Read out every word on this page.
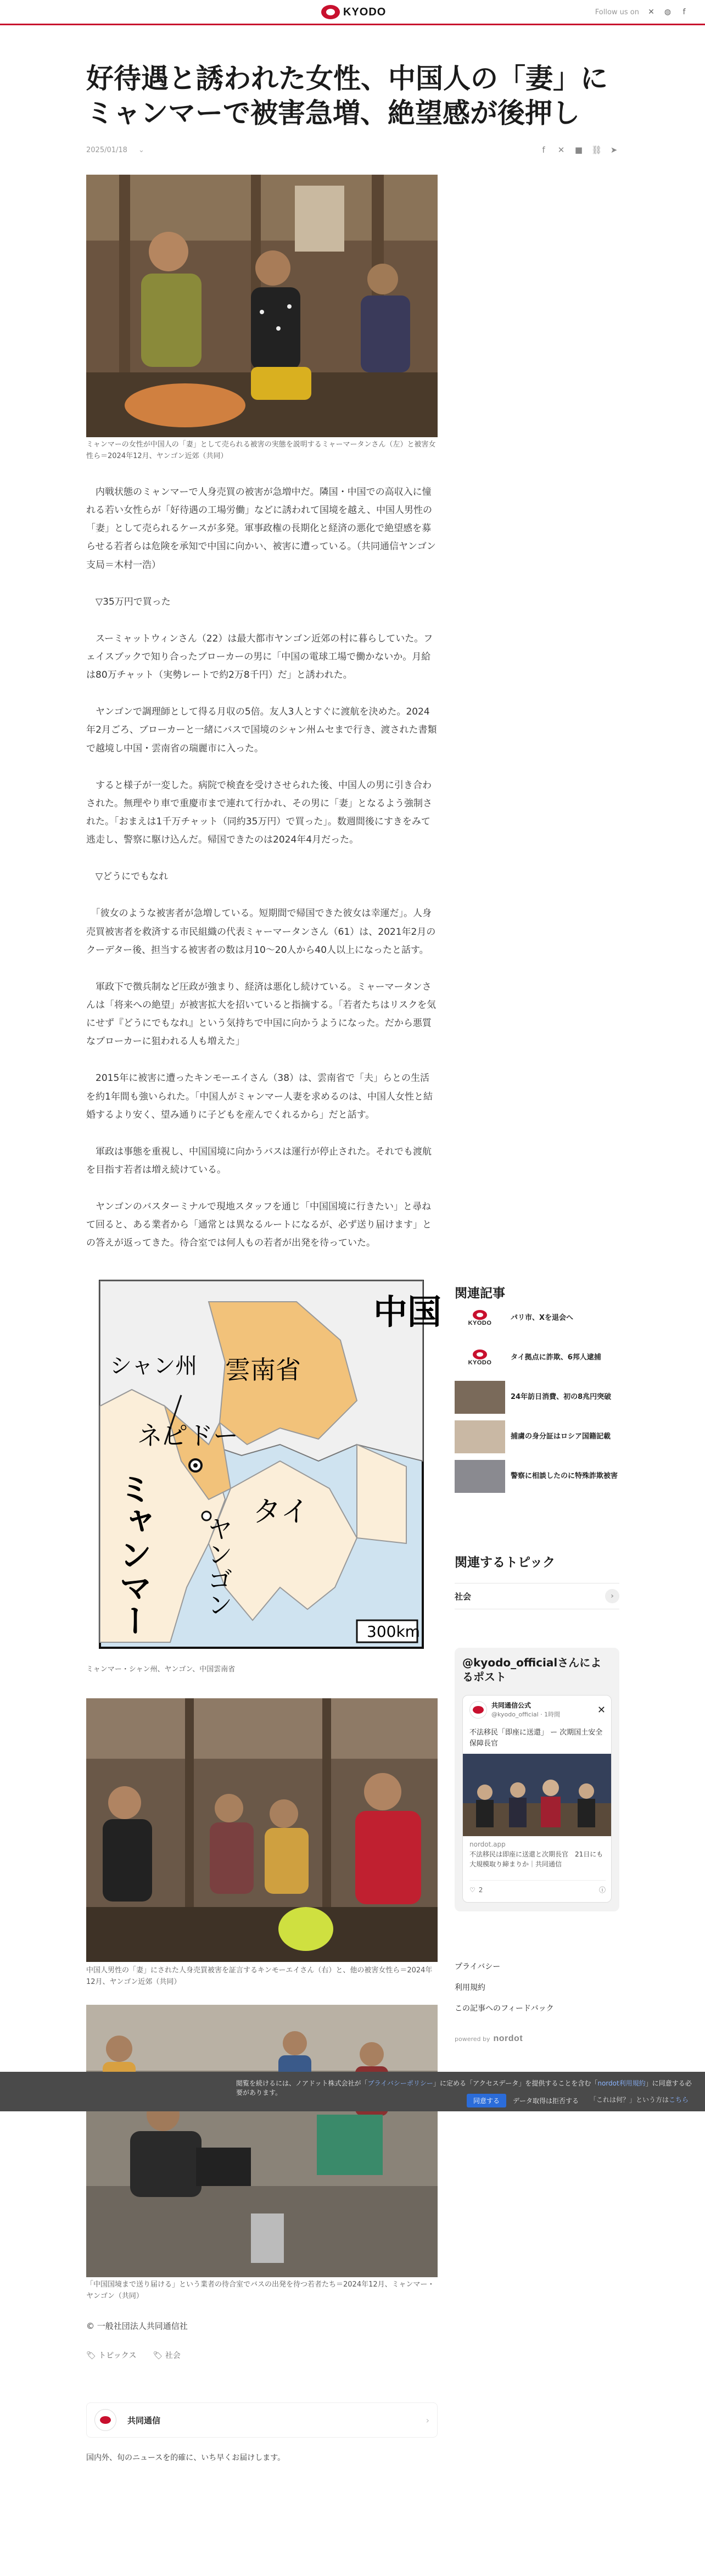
KYODO	Follow us on ✕ ◍	f
好待遇と誘われた女性、中国人の「妻」に
ミャンマーで被害急増、絶望感が後押し
2025/01/18 ⌄	f	✕ ■ ⛓ ➤
ミャンマーの女性が中国人の「妻」として売られる被害の実態を説明するミャーマータンさん（左）と被害女性ら＝2024年12月、ヤンゴン近郊（共同）

　内戦状態のミャンマーで人身売買の被害が急増中だ。隣国・中国での高収入に憧れる若い女性らが「好待遇の工場労働」などに誘われて国境を越え、中国人男性の「妻」として売られるケースが多発。軍事政権の長期化と経済の悪化で絶望感を募らせる若者らは危険を承知で中国に向かい、被害に遭っている。（共同通信ヤンゴン支局＝木村一浩）

　▽35万円で買った

　スーミャットウィンさん（22）は最大都市ヤンゴン近郊の村に暮らしていた。フェイスブックで知り合ったブローカーの男に「中国の電球工場で働かないか。月給は80万チャット（実勢レートで約2万8千円）だ」と誘われた。

　ヤンゴンで調理師として得る月収の5倍。友人3人とすぐに渡航を決めた。2024年2月ごろ、ブローカーと一緒にバスで国境のシャン州ムセまで行き、渡された書類で越境し中国・雲南省の瑞麗市に入った。

　すると様子が一変した。病院で検査を受けさせられた後、中国人の男に引き合わされた。無理やり車で重慶市まで連れて行かれ、その男に「妻」となるよう強制された。「おまえは1千万チャット（同約35万円）で買った」。数週間後にすきをみて逃走し、警察に駆け込んだ。帰国できたのは2024年4月だった。

　▽どうにでもなれ

　「彼女のような被害者が急増している。短期間で帰国できた彼女は幸運だ」。人身売買被害者を救済する市民組織の代表ミャーマータンさん（61）は、2021年2月のクーデター後、担当する被害者の数は月10〜20人から40人以上になったと話す。

　軍政下で徴兵制など圧政が強まり、経済は悪化し続けている。ミャーマータンさんは「将来への絶望」が被害拡大を招いていると指摘する。「若者たちはリスクを気にせず『どうにでもなれ』という気持ちで中国に向かうようになった。だから悪質なブローカーに狙われる人も増えた」

　2015年に被害に遭ったキンモーエイさん（38）は、雲南省で「夫」らとの生活を約1年間も強いられた。「中国人がミャンマー人妻を求めるのは、中国人女性と結婚するより安く、望み通りに子どもを産んでくれるから」だと話す。

　軍政は事態を重視し、中国国境に向かうバスは運行が停止された。それでも渡航を目指す若者は増え続けている。

　ヤンゴンのバスターミナルで現地スタッフを通じ「中国国境に行きたい」と尋ねて回ると、ある業者から「通常とは異なるルートになるが、必ず送り届けます」との答えが返ってきた。待合室では何人もの若者が出発を待っていた。

中国
シャン州 雲南省
ネピドー
タイ
300km
ミャンマー ヤンゴン
ミャンマー・シャン州、ヤンゴン、中国雲南省
中国人男性の「妻」にされた人身売買被害を証言するキンモーエイさん（右）と、他の被害女性ら＝2024年12月、ヤンゴン近郊（共同）
「中国国境まで送り届ける」という業者の待合室でバスの出発を待つ若者たち＝2024年12月、ミャンマー・ヤンゴン（共同）
© 一般社団法人共同通信社
🏷 トピックス 🏷 社会
共同通信	›
国内外、旬のニュースを的確に、いち早くお届けします。
関連記事
KYODO
パリ市、Xを退会へ
KYODO
タイ拠点に詐欺、6邦人逮捕
24年訪日消費、初の8兆円突破
捕虜の身分証はロシア国籍記載
警察に相談したのに特殊詐欺被害
関連するトピック
社会	›
@kyodo_officialさんによるポスト
共同通信公式
@kyodo_official · 1時間	✕
不法移民「即座に送還」 ー 次期国土安全保障長官
nordot.app
不法移民は即座に送還と次期長官　21日にも大規模取り締まりか｜共同通信
♡ 2	ⓘ
プライバシー
利用規約
この記事へのフィードバック
powered by nordot
閲覧を続けるには、ノアドット株式会社が「プライバシーポリシー」に定める「アクセスデータ」を提供することを含む「nordot利用規約」に同意する必要があります。
同意する	データ取得は拒否する 「これは何？」という方はこちら
